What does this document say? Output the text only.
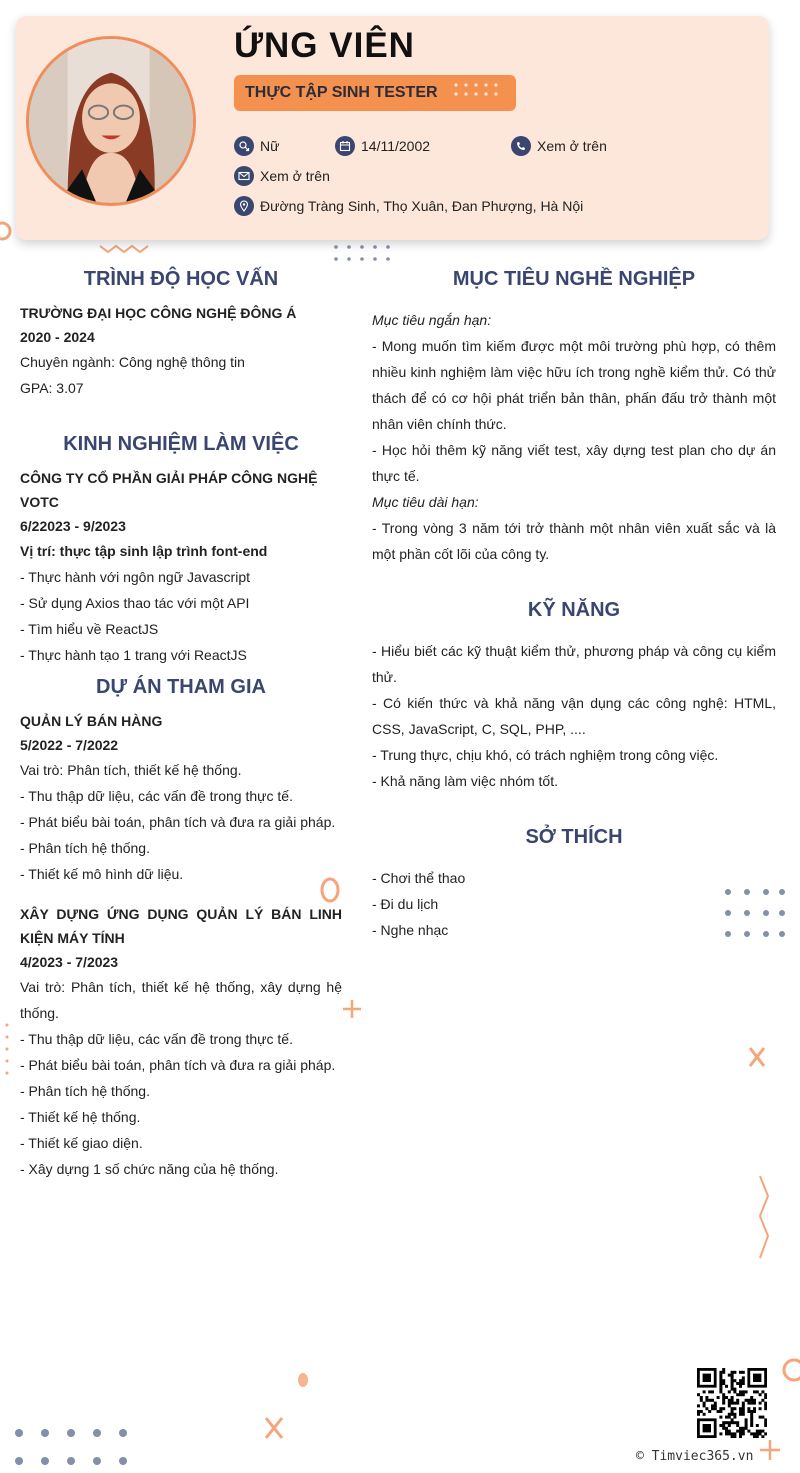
ỨNG VIÊN
THỰC TẬP SINH TESTER
Nữ	14/11/2002	Xem ở trên
Xem ở trên
Đường Tràng Sinh, Thọ Xuân, Đan Phượng, Hà Nội
TRÌNH ĐỘ HỌC VẤN
TRƯỜNG ĐẠI HỌC CÔNG NGHỆ ĐÔNG Á
2020 - 2024
Chuyên ngành: Công nghệ thông tin
GPA: 3.07
KINH NGHIỆM LÀM VIỆC
CÔNG TY CỔ PHẦN GIẢI PHÁP CÔNG NGHỆ VOTC
6/22023 - 9/2023
Vị trí: thực tập sinh lập trình font-end
- Thực hành với ngôn ngữ Javascript
- Sử dụng Axios thao tác với một API
- Tìm hiểu về ReactJS
- Thực hành tạo 1 trang với ReactJS
DỰ ÁN THAM GIA
QUẢN LÝ BÁN HÀNG
5/2022 - 7/2022
Vai trò: Phân tích, thiết kế hệ thống.
- Thu thập dữ liệu, các vấn đề trong thực tế.
- Phát biểu bài toán, phân tích và đưa ra giải pháp.
- Phân tích hệ thống.
- Thiết kế mô hình dữ liệu.
XÂY DỰNG ỨNG DỤNG QUẢN LÝ BÁN LINH KIỆN MÁY TÍNH
4/2023 - 7/2023
Vai trò: Phân tích, thiết kế hệ thống, xây dựng hệ thống.
- Thu thập dữ liệu, các vấn đề trong thực tế.
- Phát biểu bài toán, phân tích và đưa ra giải pháp.
- Phân tích hệ thống.
- Thiết kế hệ thống.
- Thiết kế giao diện.
- Xây dựng 1 số chức năng của hệ thống.
MỤC TIÊU NGHỀ NGHIỆP
Mục tiêu ngắn hạn:
- Mong muốn tìm kiếm được một môi trường phù hợp, có thêm nhiều kinh nghiệm làm việc hữu ích trong nghề kiểm thử. Có thử thách để có cơ hội phát triển bản thân, phấn đấu trở thành một nhân viên chính thức.
- Học hỏi thêm kỹ năng viết test, xây dựng test plan cho dự án thực tế.
Mục tiêu dài hạn:
- Trong vòng 3 năm tới trở thành một nhân viên xuất sắc và là một phần cốt lõi của công ty.
KỸ NĂNG
- Hiểu biết các kỹ thuật kiểm thử, phương pháp và công cụ kiểm thử.
- Có kiến thức và khả năng vận dụng các công nghệ: HTML, CSS, JavaScript, C, SQL, PHP, ....
- Trung thực, chịu khó, có trách nghiệm trong công việc.
- Khả năng làm việc nhóm tốt.
SỞ THÍCH
- Chơi thể thao
- Đi du lịch
- Nghe nhạc
© Timviec365.vn
